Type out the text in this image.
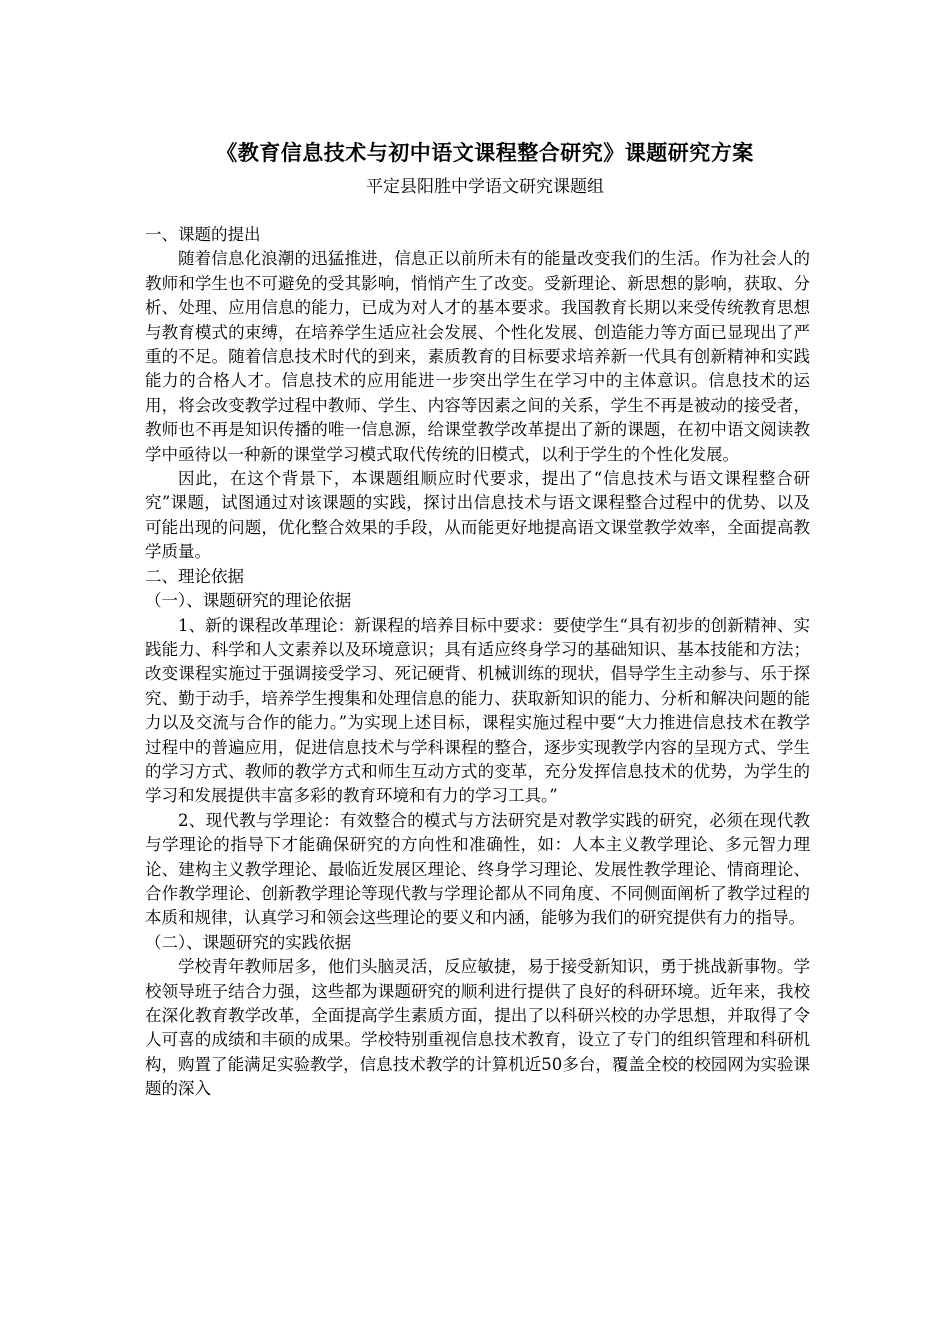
《教育信息技术与初中语文课程整合研究》课题研究方案
平定县阳胜中学语文研究课题组

一、课题的提出

随着信息化浪潮的迅猛推进，信息正以前所未有的能量改变我们的生活。作为社会人的教师和学生也不可避免的受其影响，悄悄产生了改变。受新理论、新思想的影响，获取、分析、处理、应用信息的能力，已成为对人才的基本要求。我国教育长期以来受传统教育思想与教育模式的束缚，在培养学生适应社会发展、个性化发展、创造能力等方面已显现出了严重的不足。随着信息技术时代的到来，素质教育的目标要求培养新一代具有创新精神和实践能力的合格人才。信息技术的应用能进一步突出学生在学习中的主体意识。信息技术的运用，将会改变教学过程中教师、学生、内容等因素之间的关系，学生不再是被动的接受者，教师也不再是知识传播的唯一信息源，给课堂教学改革提出了新的课题，在初中语文阅读教学中亟待以一种新的课堂学习模式取代传统的旧模式，以利于学生的个性化发展。

因此，在这个背景下，本课题组顺应时代要求，提出了“信息技术与语文课程整合研究”课题，试图通过对该课题的实践，探讨出信息技术与语文课程整合过程中的优势、以及可能出现的问题，优化整合效果的手段，从而能更好地提高语文课堂教学效率，全面提高教学质量。

二、理论依据

（一）、课题研究的理论依据

1、新的课程改革理论：新课程的培养目标中要求：要使学生“具有初步的创新精神、实践能力、科学和人文素养以及环境意识；具有适应终身学习的基础知识、基本技能和方法；改变课程实施过于强调接受学习、死记硬背、机械训练的现状，倡导学生主动参与、乐于探究、勤于动手，培养学生搜集和处理信息的能力、获取新知识的能力、分析和解决问题的能力以及交流与合作的能力。”为实现上述目标，课程实施过程中要“大力推进信息技术在教学过程中的普遍应用，促进信息技术与学科课程的整合，逐步实现教学内容的呈现方式、学生的学习方式、教师的教学方式和师生互动方式的变革，充分发挥信息技术的优势，为学生的学习和发展提供丰富多彩的教育环境和有力的学习工具。”

2、现代教与学理论：有效整合的模式与方法研究是对教学实践的研究，必须在现代教与学理论的指导下才能确保研究的方向性和准确性，如：人本主义教学理论、多元智力理论、建构主义教学理论、最临近发展区理论、终身学习理论、发展性教学理论、情商理论、合作教学理论、创新教学理论等现代教与学理论都从不同角度、不同侧面阐析了教学过程的本质和规律，认真学习和领会这些理论的要义和内涵，能够为我们的研究提供有力的指导。

（二）、课题研究的实践依据

学校青年教师居多，他们头脑灵活，反应敏捷，易于接受新知识，勇于挑战新事物。学校领导班子结合力强，这些都为课题研究的顺利进行提供了良好的科研环境。近年来，我校在深化教育教学改革，全面提高学生素质方面，提出了以科研兴校的办学思想，并取得了令人可喜的成绩和丰硕的成果。学校特别重视信息技术教育，设立了专门的组织管理和科研机构，购置了能满足实验教学，信息技术教学的计算机近50多台，覆盖全校的校园网为实验课题的深入
